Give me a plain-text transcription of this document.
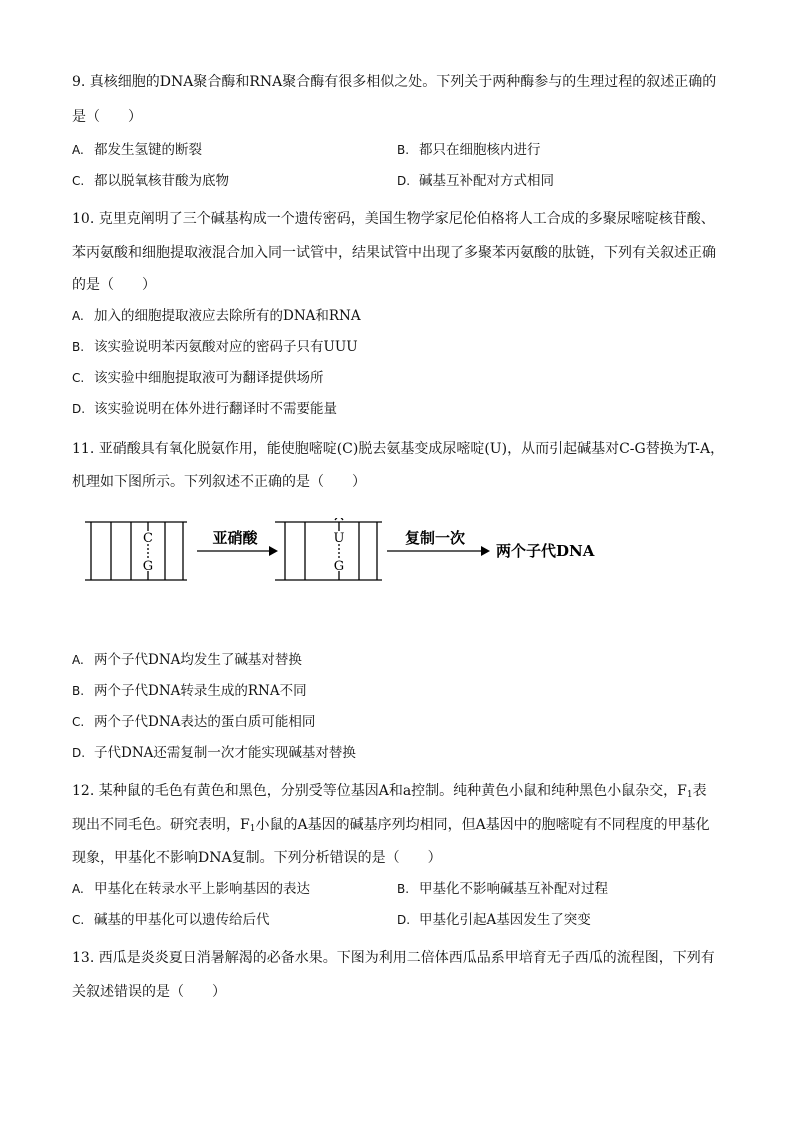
9. 真核细胞的DNA聚合酶和RNA聚合酶有很多相似之处。下列关于两种酶参与的生理过程的叙述正确的
是（　　）
A. 都发生氢键的断裂	B. 都只在细胞核内进行
C. 都以脱氧核苷酸为底物	D. 碱基互补配对方式相同
10. 克里克阐明了三个碱基构成一个遗传密码，美国生物学家尼伦伯格将人工合成的多聚尿嘧啶核苷酸、
苯丙氨酸和细胞提取液混合加入同一试管中，结果试管中出现了多聚苯丙氨酸的肽链，下列有关叙述正确
的是（　　）
A. 加入的细胞提取液应去除所有的DNA和RNA
B. 该实验说明苯丙氨酸对应的密码子只有UUU
C. 该实验中细胞提取液可为翻译提供场所
D. 该实验说明在体外进行翻译时不需要能量
11. 亚硝酸具有氧化脱氨作用，能使胞嘧啶(C)脱去氨基变成尿嘧啶(U)，从而引起碱基对C-G替换为T-A，
机理如下图所示。下列叙述不正确的是（　　）
C
G
亚硝酸	U
G
复制一次
两个子代DNA
A. 两个子代DNA均发生了碱基对替换
B. 两个子代DNA转录生成的RNA不同
C. 两个子代DNA表达的蛋白质可能相同
D. 子代DNA还需复制一次才能实现碱基对替换
12. 某种鼠的毛色有黄色和黑色，分别受等位基因A和a控制。纯种黄色小鼠和纯种黑色小鼠杂交，$F_1$表
现出不同毛色。研究表明，$F_1$小鼠的A基因的碱基序列均相同，但A基因中的胞嘧啶有不同程度的甲基化
现象，甲基化不影响DNA复制。下列分析错误的是（　　）
A. 甲基化在转录水平上影响基因的表达	B. 甲基化不影响碱基互补配对过程
C. 碱基的甲基化可以遗传给后代	D. 甲基化引起A基因发生了突变
13. 西瓜是炎炎夏日消暑解渴的必备水果。下图为利用二倍体西瓜品系甲培育无子西瓜的流程图，下列有
关叙述错误的是（　　）
